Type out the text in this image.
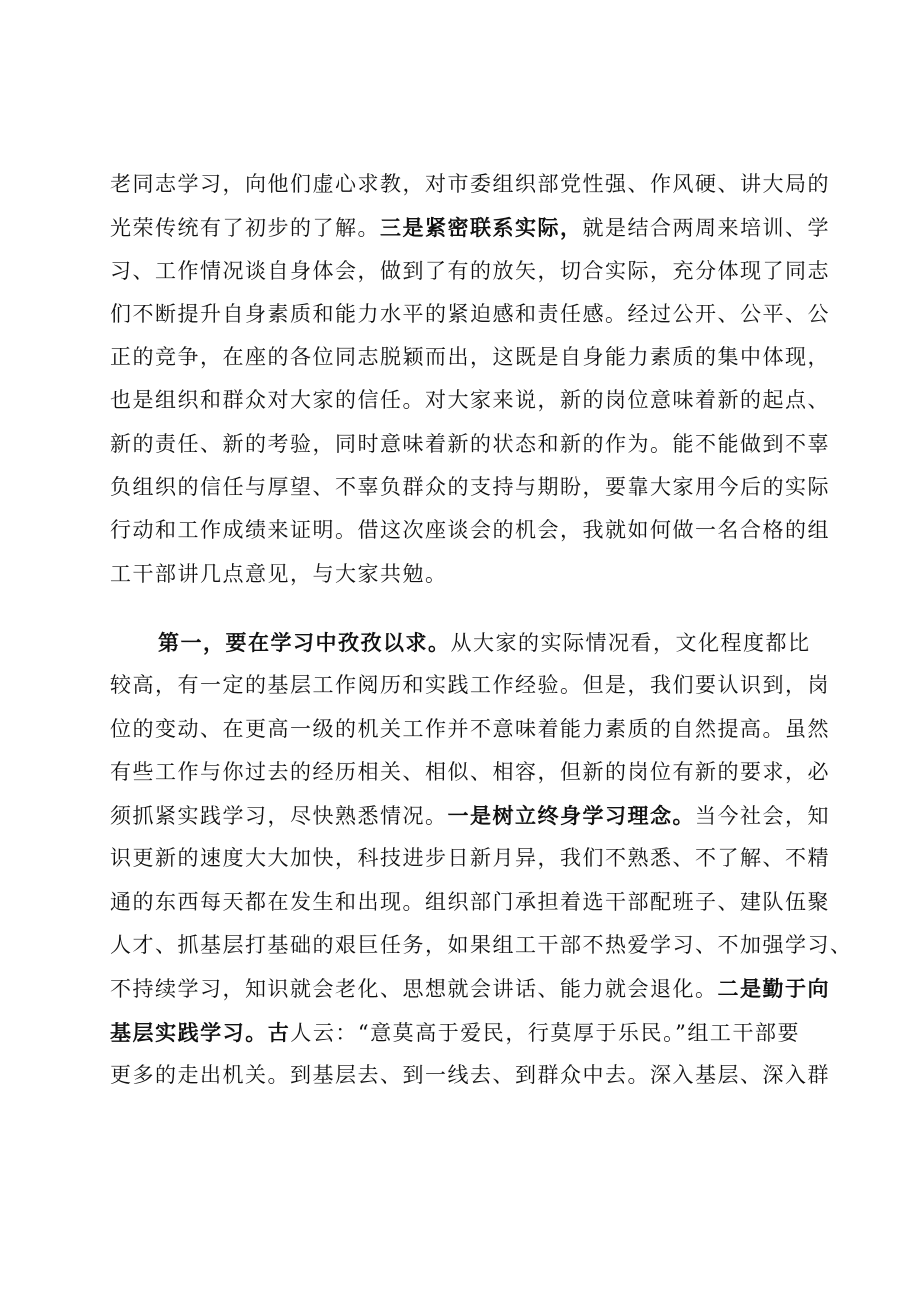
老同志学习，向他们虚心求教，对市委组织部党性强、作风硬、讲大局的
光荣传统有了初步的了解。三是紧密联系实际，就是结合两周来培训、学
习、工作情况谈自身体会，做到了有的放矢，切合实际，充分体现了同志
们不断提升自身素质和能力水平的紧迫感和责任感。经过公开、公平、公
正的竞争，在座的各位同志脱颖而出，这既是自身能力素质的集中体现，
也是组织和群众对大家的信任。对大家来说，新的岗位意味着新的起点、
新的责任、新的考验，同时意味着新的状态和新的作为。能不能做到不辜
负组织的信任与厚望、不辜负群众的支持与期盼，要靠大家用今后的实际
行动和工作成绩来证明。借这次座谈会的机会，我就如何做一名合格的组
工干部讲几点意见，与大家共勉。
第一，要在学习中孜孜以求。从大家的实际情况看，文化程度都比
较高，有一定的基层工作阅历和实践工作经验。但是，我们要认识到，岗
位的变动、在更高一级的机关工作并不意味着能力素质的自然提高。虽然
有些工作与你过去的经历相关、相似、相容，但新的岗位有新的要求，必
须抓紧实践学习，尽快熟悉情况。一是树立终身学习理念。当今社会，知
识更新的速度大大加快，科技进步日新月异，我们不熟悉、不了解、不精
通的东西每天都在发生和出现。组织部门承担着选干部配班子、建队伍聚
人才、抓基层打基础的艰巨任务，如果组工干部不热爱学习、不加强学习、
不持续学习，知识就会老化、思想就会讲话、能力就会退化。二是勤于向
基层实践学习。古人云：“意莫高于爱民，行莫厚于乐民。”组工干部要
更多的走出机关。到基层去、到一线去、到群众中去。深入基层、深入群
